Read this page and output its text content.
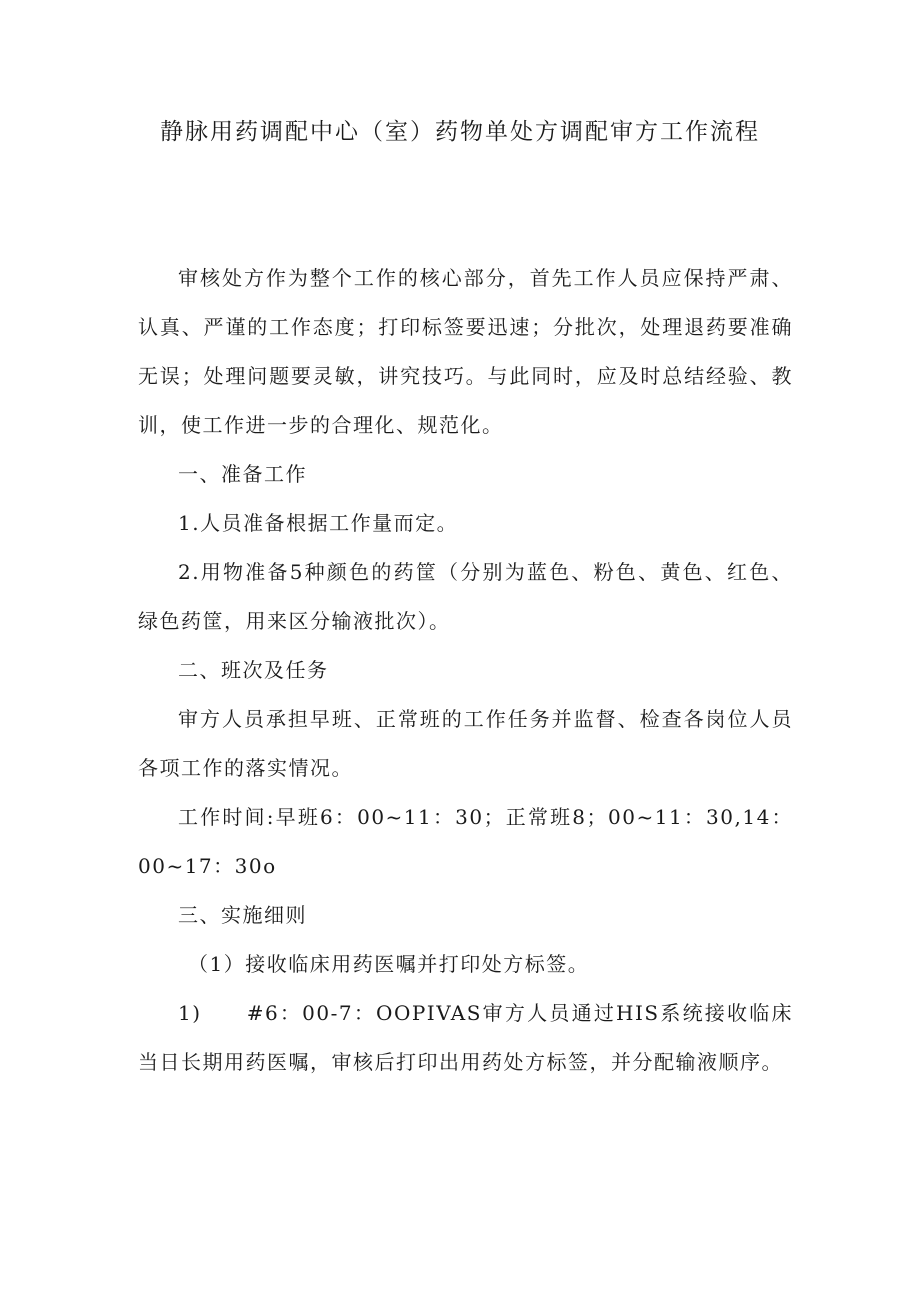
静脉用药调配中心（室）药物单处方调配审方工作流程

审核处方作为整个工作的核心部分，首先工作人员应保持严肃、认真、严谨的工作态度；打印标签要迅速；分批次，处理退药要准确无误；处理问题要灵敏，讲究技巧。与此同时，应及时总结经验、教训，使工作进一步的合理化、规范化。

一、准备工作

1.人员准备根据工作量而定。

2.用物准备5种颜色的药筐（分别为蓝色、粉色、黄色、红色、绿色药筐，用来区分输液批次）。

二、班次及任务

审方人员承担早班、正常班的工作任务并监督、检查各岗位人员各项工作的落实情况。

工作时间:早班6：00~11：30；正常班8；00~11：30,14：00~17：30o

三、实施细则

（1）接收临床用药医嘱并打印处方标签。

1)　　#6：00-7：OOPIVAS审方人员通过HIS系统接收临床当日长期用药医嘱，审核后打印出用药处方标签，并分配输液顺序。
